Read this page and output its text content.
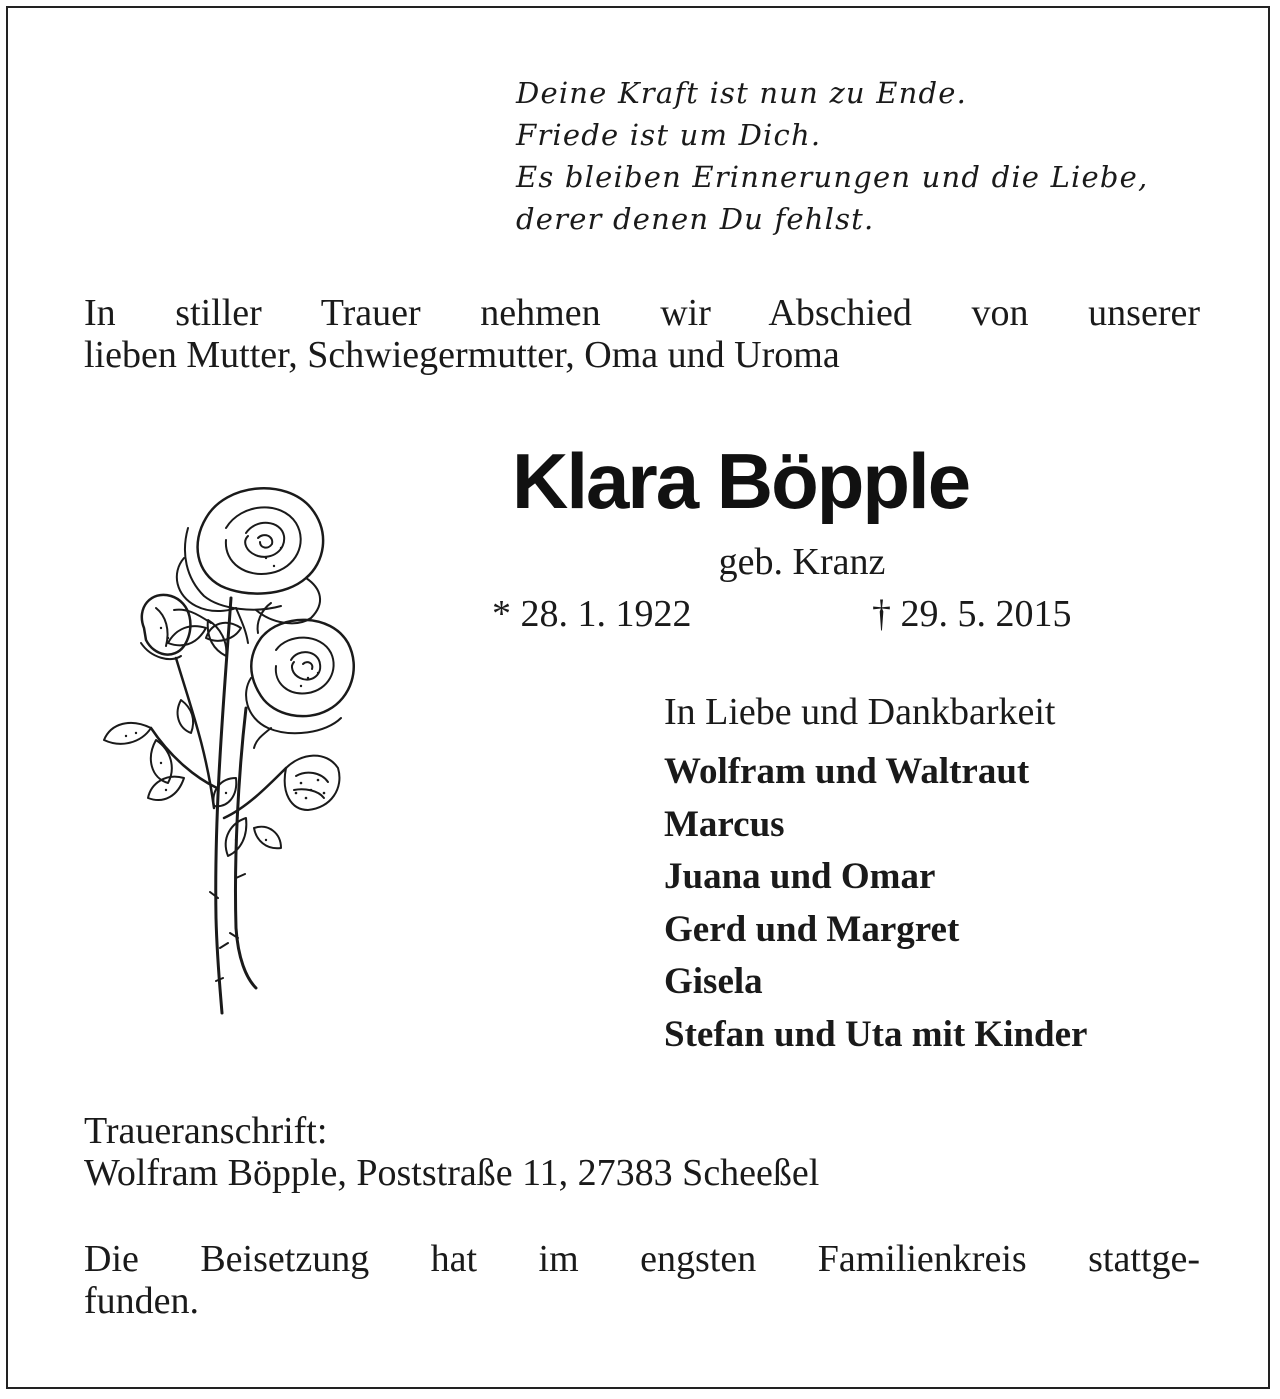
Deine Kraft ist nun zu Ende.
Friede ist um Dich.
Es bleiben Erinnerungen und die Liebe,
derer denen Du fehlst.
In stiller Trauer nehmen wir Abschied von unserer
lieben Mutter, Schwiegermutter, Oma und Uroma
Klara Böpple
geb. Kranz
* 28. 1. 1922	† 29. 5. 2015
In Liebe und Dankbarkeit
Wolfram und Waltraut
Marcus
Juana und Omar
Gerd und Margret
Gisela
Stefan und Uta mit Kinder
Traueranschrift:
Wolfram Böpple, Poststraße 11, 27383 Scheeßel
Die Beisetzung hat im engsten Familienkreis stattge-
funden.
